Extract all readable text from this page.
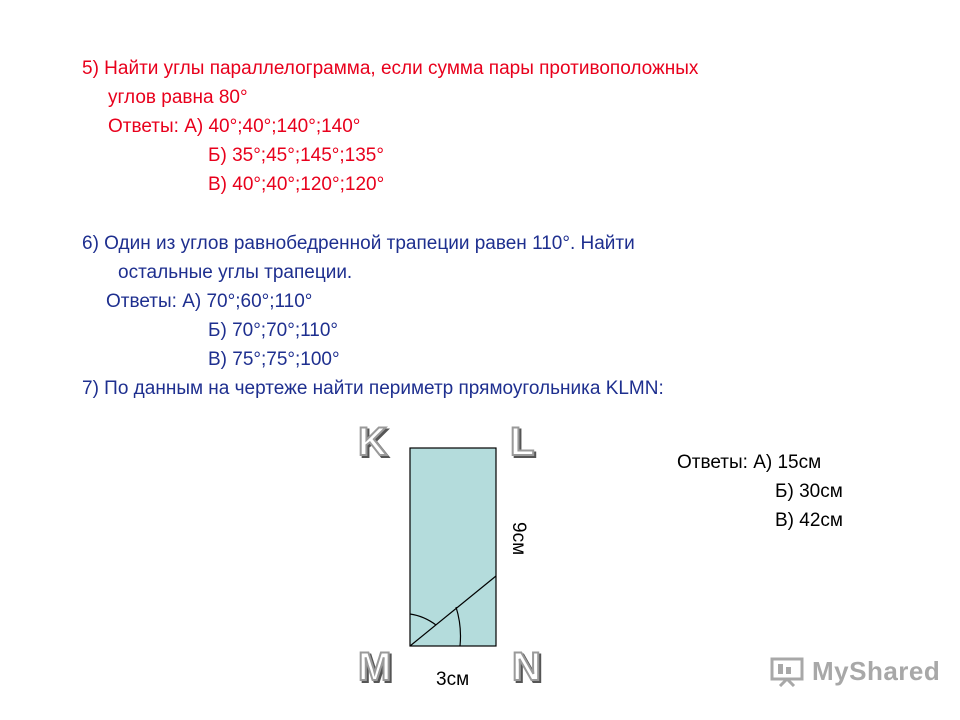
5) Найти углы параллелограмма, если сумма пары противоположных
углов равна 80°
Ответы: А) 40°;40°;140°;140°
Б) 35°;45°;145°;135°
В) 40°;40°;120°;120°
6) Один из углов равнобедренной трапеции равен 110°. Найти
остальные углы трапеции.
Ответы: А) 70°;60°;110°
Б) 70°;70°;110°
В) 75°;75°;100°
7) По данным на чертеже найти периметр прямоугольника KLMN:
K	L
M	N
9см
3см
Ответы: А) 15см
Б) 30см
В) 42см
MyShared
